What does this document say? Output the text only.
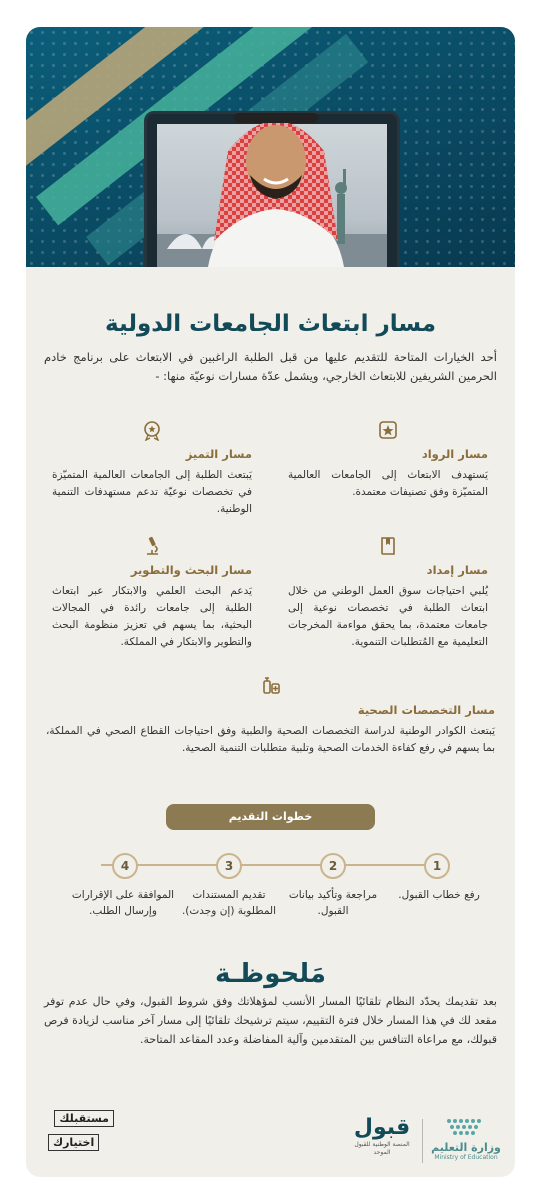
مسار ابتعاث الجامعات الدولية
أحد الخيارات المتاحة للتقديم عليها من قبل الطلبة الراغبين في الابتعاث على برنامج خادم الحرمين الشريفين للابتعاث الخارجي، ويشمل عدّة مسارات نوعيّة منها: -
مسار الرواد
يَستهدف الابتعاث إلى الجامعات العالمية المتميّزة وفق تصنيفات معتمدة.
مسار التميز
يَبتعث الطلبة إلى الجامعات العالمية المتميّزة في تخصصات نوعيّة تدعم مستهدفات التنمية الوطنية.
مسار إمداد
يُلبي احتياجات سوق العمل الوطني من خلال ابتعاث الطلبة في تخصصات نوعية إلى جامعات معتمدة، بما يحقق مواءمة المخرجات التعليمية مع المُتطلبات التنموية.
مسار البحث والتطوير
يَدعم البحث العلمي والابتكار عبر ابتعاث الطلبة إلى جامعات رائدة في المجالات البحثية، بما يسهم في تعزيز منظومة البحث والتطوير والابتكار في المملكة.
مسار التخصصات الصحية
يَبتعث الكوادر الوطنية لدراسة التخصصات الصحية والطبية وفق احتياجات القطاع الصحي في المملكة، بما يسهم في رفع كفاءة الخدمات الصحية وتلبية متطلبات التنمية الصحية.
خطوات التقديم
1
2
3
4
رفع خطاب القبول.
مراجعة وتأكيد بيانات القبول.
تقديم المستندات المطلوبة (إن وجدت).
الموافقة على الإقرارات وإرسال الطلب.
مَلحوظـة
بعد تقديمك يحدّد النظام تلقائيًا المسار الأنسب لمؤهلاتك وفق شروط القبول، وفي حال عدم توفر مقعد لك في هذا المسار خلال فترة التقييم، سيتم ترشيحك تلقائيًا إلى مسار آخر مناسب لزيادة فرص قبولك، مع مراعاة التنافس بين المتقدمين وآلية المفاضلة وعدد المقاعد المتاحة.
وزارة التعليم
Ministry of Education
قبول
المنصة الوطنية للقبول الموحد
مستقبلك
اختيارك
